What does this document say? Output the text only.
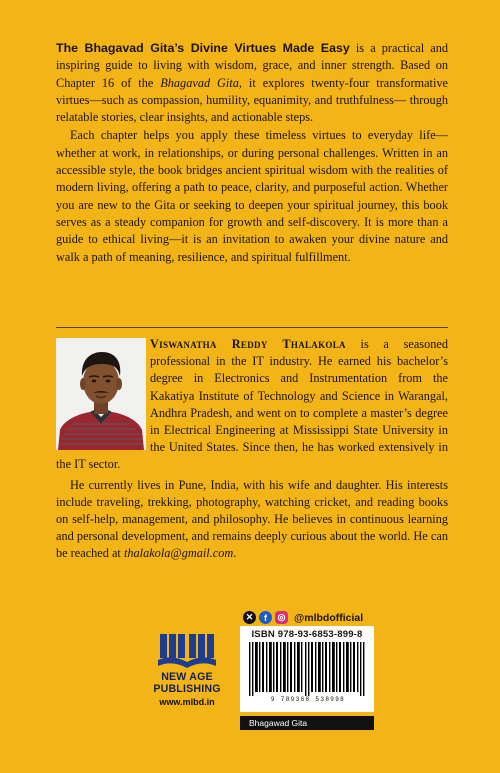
The Bhagavad Gita’s Divine Virtues Made Easy is a practical and inspiring guide to living with wisdom, grace, and inner strength. Based on Chapter 16 of the Bhagavad Gita, it explores twenty-four transformative virtues—such as compassion, humility, equanimity, and truthfulness— through relatable stories, clear insights, and actionable steps.

Each chapter helps you apply these timeless virtues to everyday life—whether at work, in relationships, or during personal challenges. Written in an accessible style, the book bridges ancient spiritual wisdom with the realities of modern living, offering a path to peace, clarity, and purposeful action. Whether you are new to the Gita or seeking to deepen your spiritual journey, this book serves as a steady companion for growth and self-discovery. It is more than a guide to ethical living—it is an invitation to awaken your divine nature and walk a path of meaning, resilience, and spiritual fulfillment.

Viswanatha Reddy Thalakola is a seasoned professional in the IT industry. He earned his bachelor’s degree in Electronics and Instrumentation from the Kakatiya Institute of Technology and Science in Warangal, Andhra Pradesh, and went on to complete a master’s degree in Electrical Engineering at Mississippi State University in the United States. Since then, he has worked extensively in the IT sector.

He currently lives in Pune, India, with his wife and daughter. His interests include traveling, trekking, photography, watching cricket, and reading books on self-help, management, and philosophy. He believes in continuous learning and personal development, and remains deeply curious about the world. He can be reached at thalakola@gmail.com.

NEW AGE
PUBLISHING
www.mlbd.in
✕	f	◎ @mlbdofficial
ISBN 978-93-6853-899-8
9 789368 538998
Bhagawad Gita
